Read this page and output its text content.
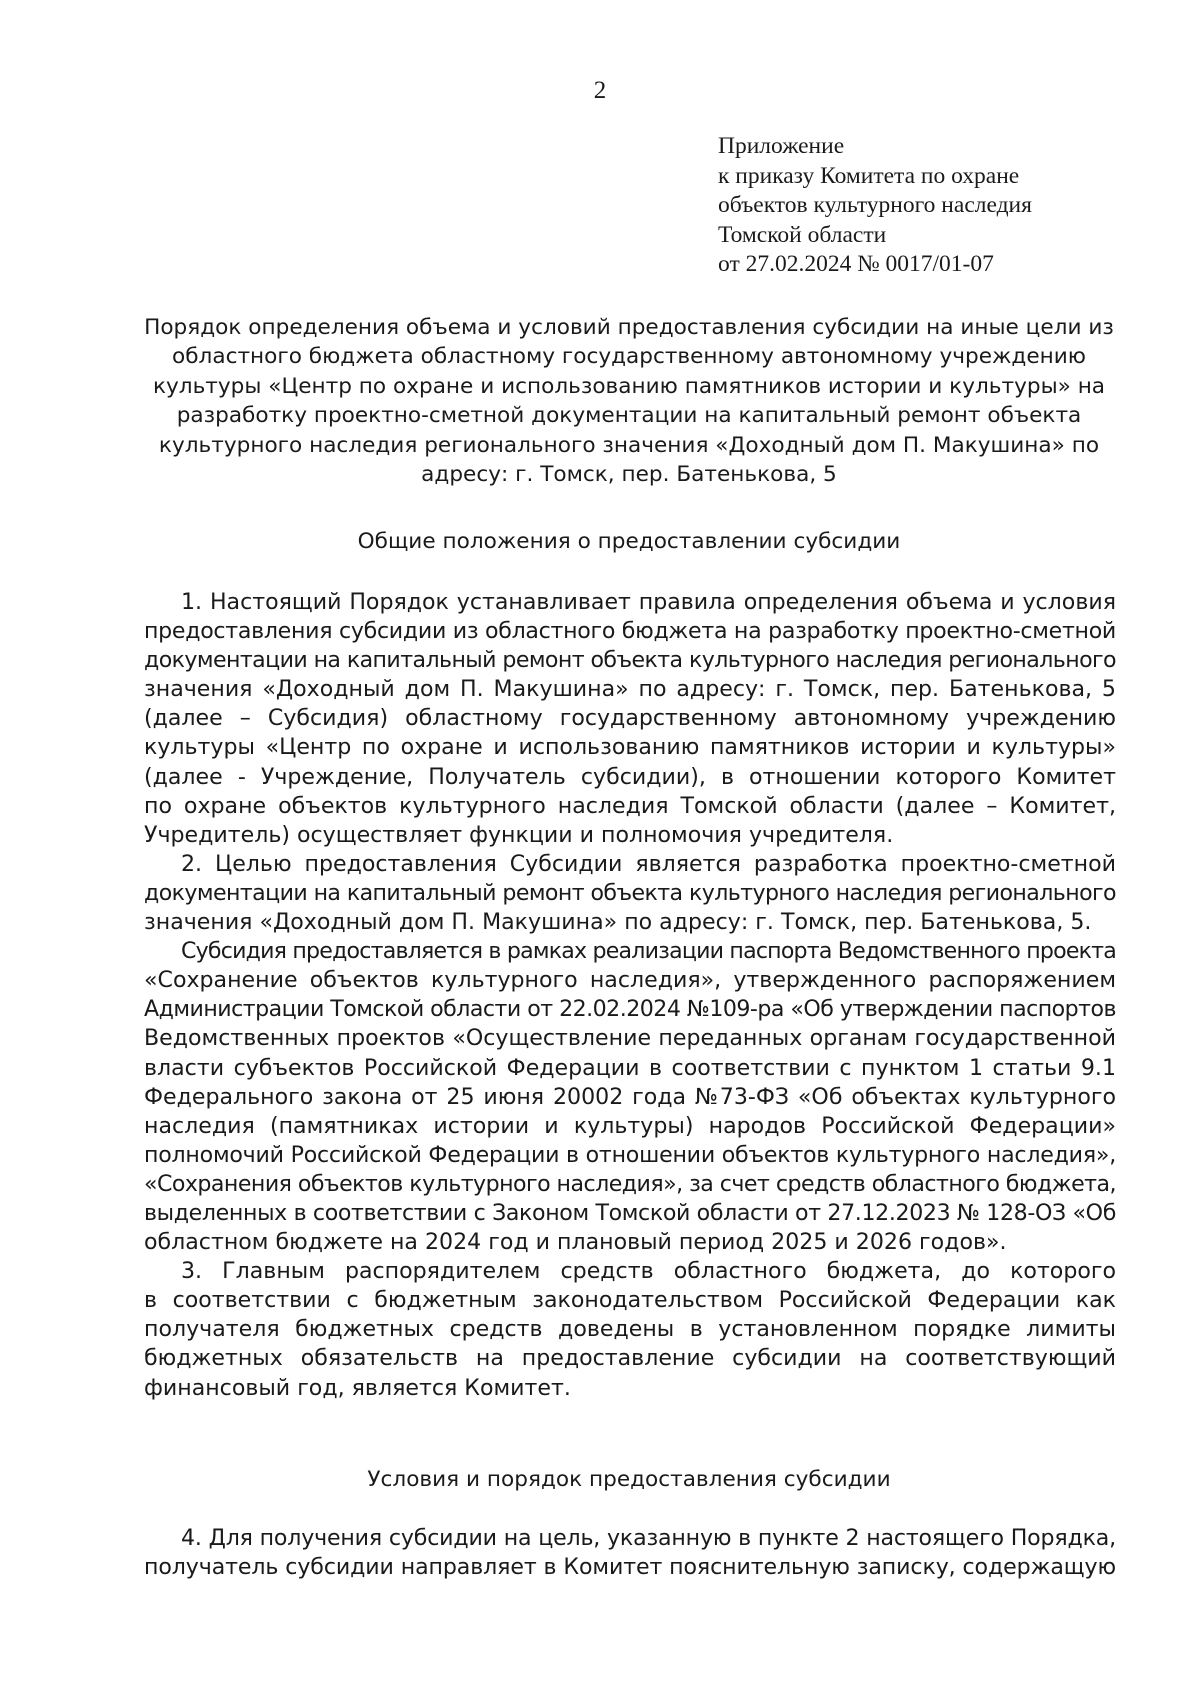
2
Приложение
к приказу Комитета по охране
объектов культурного наследия
Томской области
от 27.02.2024 № 0017/01-07
Порядок определения объема и условий предоставления субсидии на иные цели из
областного бюджета областному государственному автономному учреждению
культуры «Центр по охране и использованию памятников истории и культуры» на
разработку проектно-сметной документации на капитальный ремонт объекта
культурного наследия регионального значения «Доходный дом П. Макушина» по
адресу: г. Томск, пер. Батенькова, 5
Общие положения о предоставлении субсидии
1. Настоящий Порядок устанавливает правила определения объема и условия
предоставления субсидии из областного бюджета на разработку проектно-сметной
документации на капитальный ремонт объекта культурного наследия регионального
значения «Доходный дом П. Макушина» по адресу: г. Томск, пер. Батенькова, 5
(далее – Субсидия) областному государственному автономному учреждению
культуры «Центр по охране и использованию памятников истории и культуры»
(далее - Учреждение, Получатель субсидии), в отношении которого Комитет
по охране объектов культурного наследия Томской области (далее – Комитет,
Учредитель) осуществляет функции и полномочия учредителя.
2. Целью предоставления Субсидии является разработка проектно-сметной
документации на капитальный ремонт объекта культурного наследия регионального
значения «Доходный дом П. Макушина» по адресу: г. Томск, пер. Батенькова, 5.
Субсидия предоставляется в рамках реализации паспорта Ведомственного проекта
«Сохранение объектов культурного наследия», утвержденного распоряжением
Администрации Томской области от 22.02.2024 №109-ра «Об утверждении паспортов
Ведомственных проектов «Осуществление переданных органам государственной
власти субъектов Российской Федерации в соответствии с пунктом 1 статьи 9.1
Федерального закона от 25 июня 20002 года №73-ФЗ «Об объектах культурного
наследия (памятниках истории и культуры) народов Российской Федерации»
полномочий Российской Федерации в отношении объектов культурного наследия»,
«Сохранения объектов культурного наследия», за счет средств областного бюджета,
выделенных в соответствии с Законом Томской области от 27.12.2023 № 128-ОЗ «Об
областном бюджете на 2024 год и плановый период 2025 и 2026 годов».
3. Главным распорядителем средств областного бюджета, до которого
в соответствии с бюджетным законодательством Российской Федерации как
получателя бюджетных средств доведены в установленном порядке лимиты
бюджетных обязательств на предоставление субсидии на соответствующий
финансовый год, является Комитет.
Условия и порядок предоставления субсидии
4. Для получения субсидии на цель, указанную в пункте 2 настоящего Порядка,
получатель субсидии направляет в Комитет пояснительную записку, содержащую
